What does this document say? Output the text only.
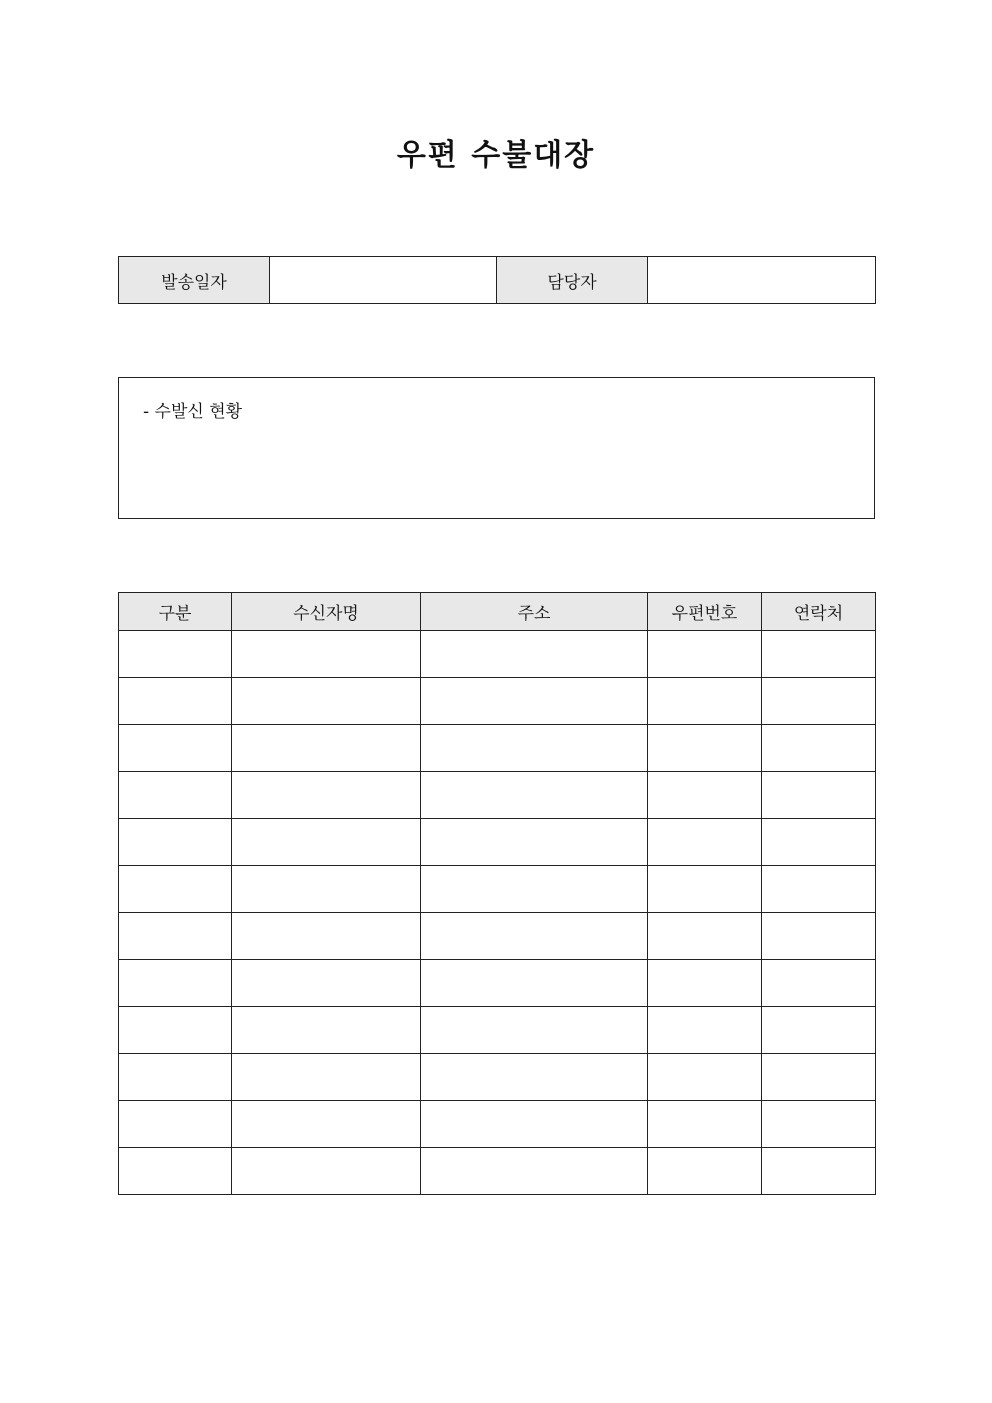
우편 수불대장
발송일자		담당자	
- 수발신 현황
구분	수신자명	주소	우편번호	연락처
